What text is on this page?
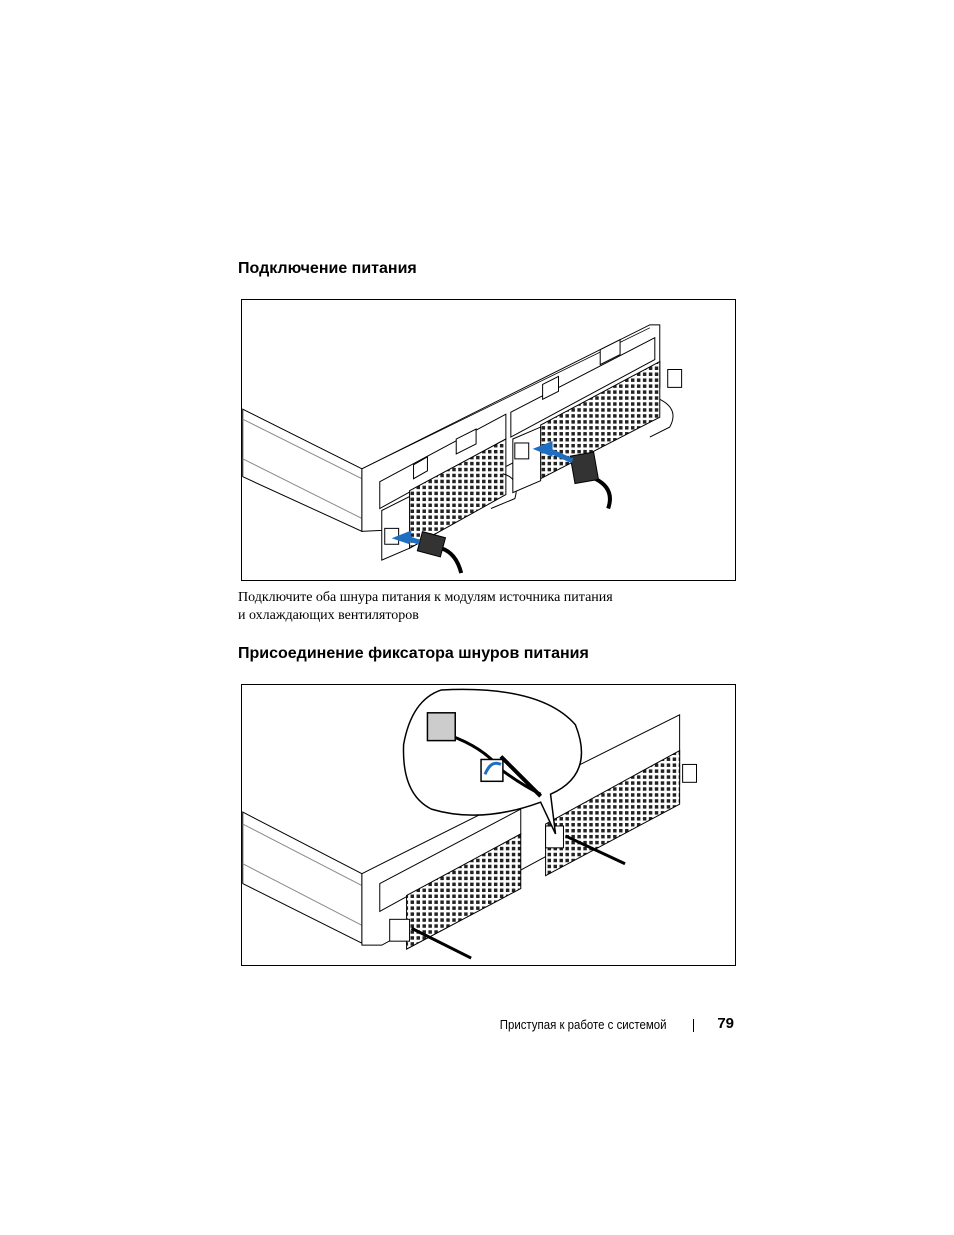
Подключение питания

Подключите оба шнура питания к модулям источника питания
и охлаждающих вентиляторов

Присоединение фиксатора шнуров питания
Приступая к работе с системой	79
